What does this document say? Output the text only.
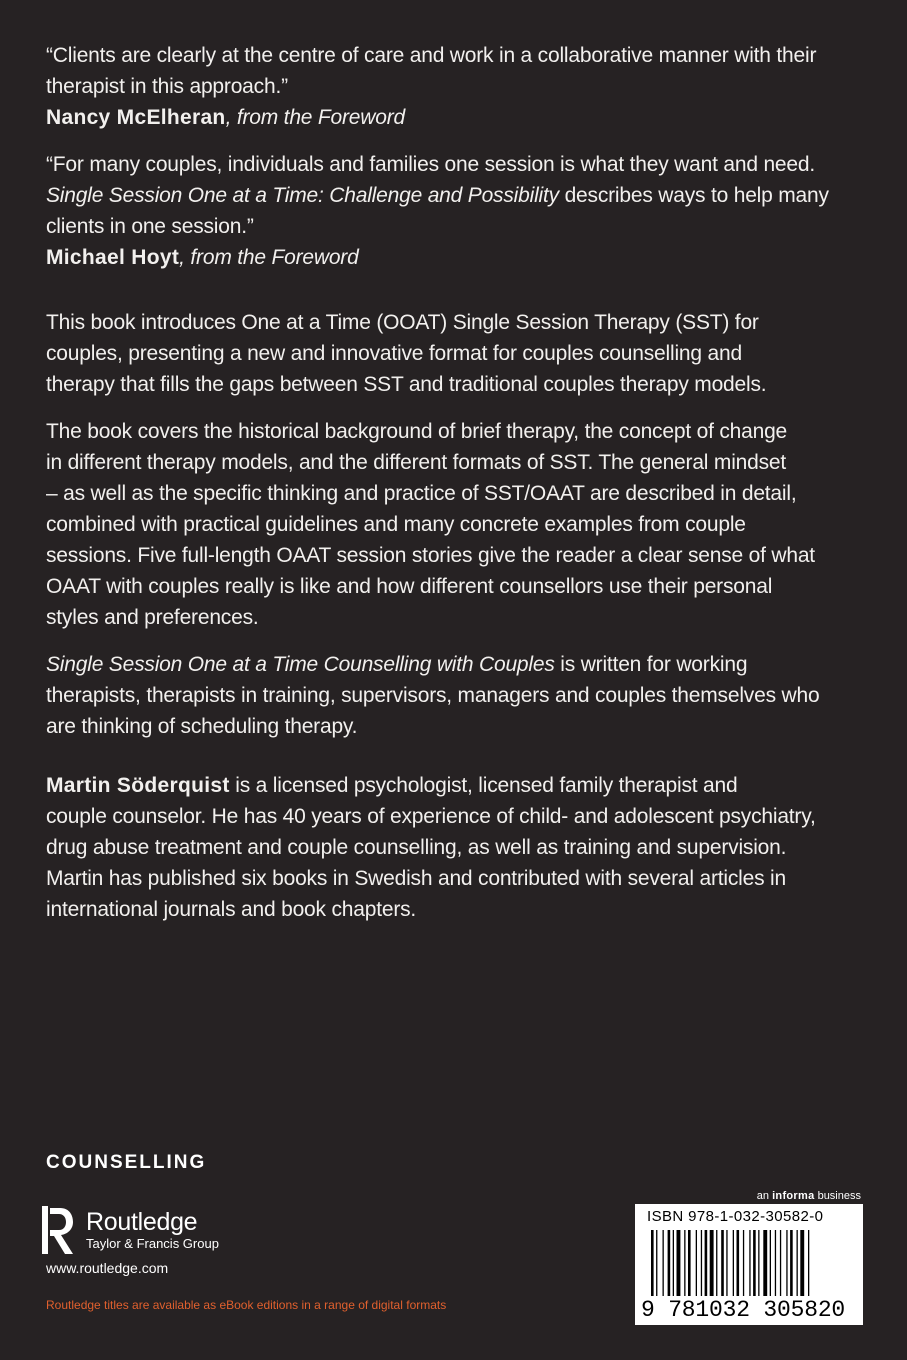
“Clients are clearly at the centre of care and work in a collaborative manner with their
therapist in this approach.”
Nancy McElheran, from the Foreword
“For many couples, individuals and families one session is what they want and need.
Single Session One at a Time: Challenge and Possibility describes ways to help many
clients in one session.”
Michael Hoyt, from the Foreword
This book introduces One at a Time (OOAT) Single Session Therapy (SST) for
couples, presenting a new and innovative format for couples counselling and
therapy that fills the gaps between SST and traditional couples therapy models.
The book covers the historical background of brief therapy, the concept of change
in different therapy models, and the different formats of SST. The general mindset
– as well as the specific thinking and practice of SST/OAAT are described in detail,
combined with practical guidelines and many concrete examples from couple
sessions. Five full-length OAAT session stories give the reader a clear sense of what
OAAT with couples really is like and how different counsellors use their personal
styles and preferences.
Single Session One at a Time Counselling with Couples is written for working
therapists, therapists in training, supervisors, managers and couples themselves who
are thinking of scheduling therapy.
Martin Söderquist is a licensed psychologist, licensed family therapist and
couple counselor. He has 40 years of experience of child- and adolescent psychiatry,
drug abuse treatment and couple counselling, as well as training and supervision.
Martin has published six books in Swedish and contributed with several articles in
international journals and book chapters.
COUNSELLING
Routledge
Taylor & Francis Group
www.routledge.com
Routledge titles are available as eBook editions in a range of digital formats
an informa business
ISBN 978-1-032-30582-0
9 781032 305820
